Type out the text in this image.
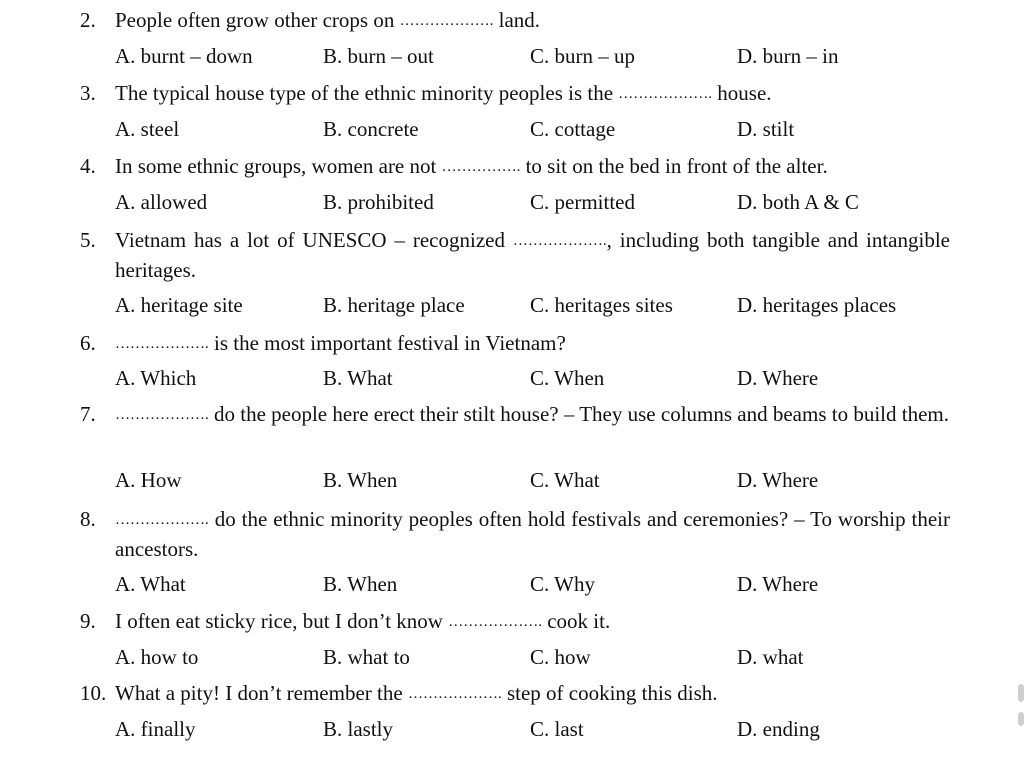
2. People often grow other crops on ………………. land.
A. burnt – down	B. burn – out	C. burn – up	D. burn – in
3. The typical house type of the ethnic minority peoples is the ………………. house.
A. steel	B. concrete	C. cottage	D. stilt
4. In some ethnic groups, women are not ……………. to sit on the bed in front of the alter.
A. allowed	B. prohibited	C. permitted	D. both A & C
5. Vietnam has a lot of UNESCO – recognized ………………., including both tangible and intangible heritages.
A. heritage site	B. heritage place	C. heritages sites	D. heritages places
6. ………………. is the most important festival in Vietnam?
A. Which	B. What	C. When	D. Where
7. ………………. do the people here erect their stilt house? – They use columns and beams to build them.
A. How	B. When	C. What	D. Where
8. ………………. do the ethnic minority peoples often hold festivals and ceremonies? – To worship their ancestors.
A. What	B. When	C. Why	D. Where
9. I often eat sticky rice, but I don’t know ………………. cook it.
A. how to	B. what to	C. how	D. what
10. What a pity! I don’t remember the ………………. step of cooking this dish.
A. finally	B. lastly	C. last	D. ending
